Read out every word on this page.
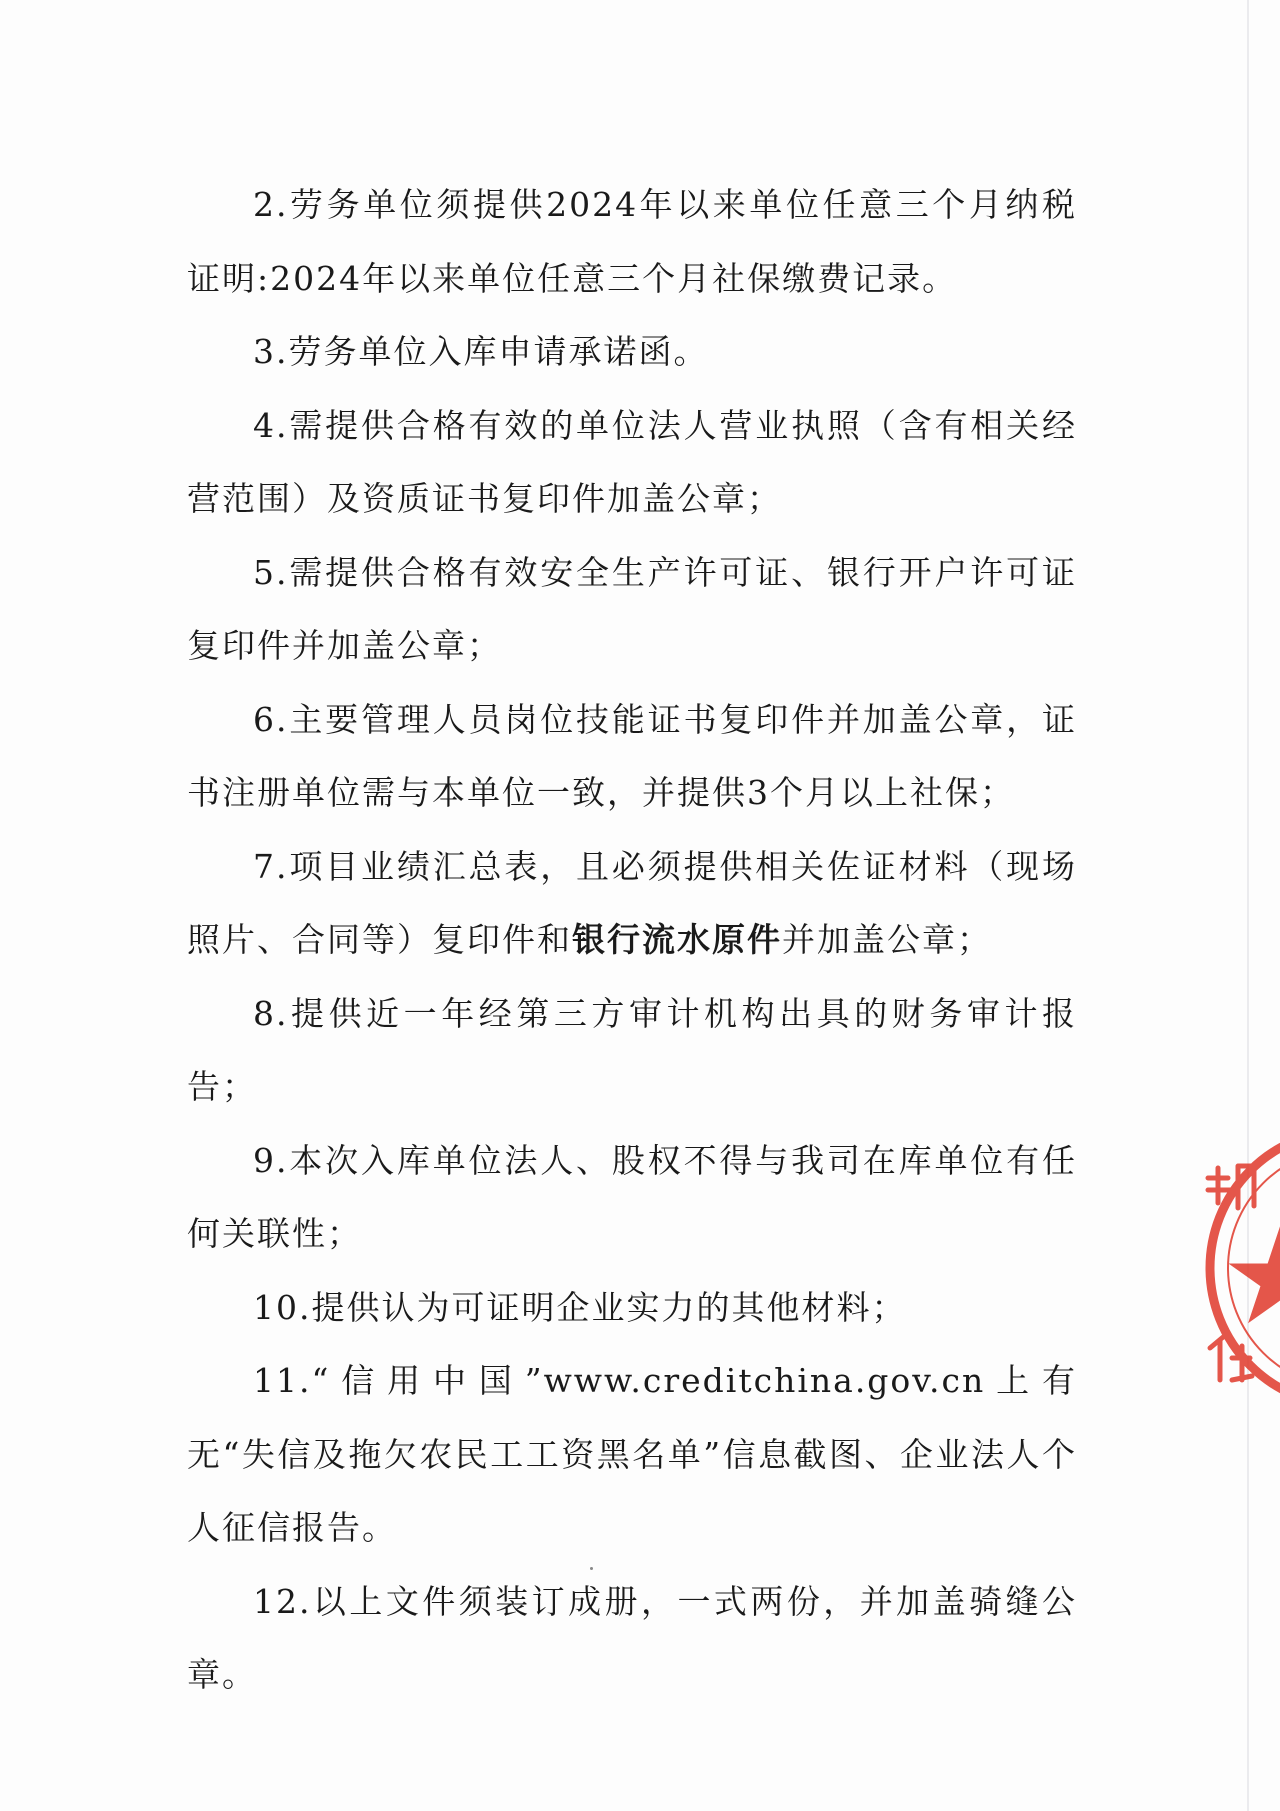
2.劳务单位须提供2024年以来单位任意三个月纳税证明:2024年以来单位任意三个月社保缴费记录。

3.劳务单位入库申请承诺函。

4.需提供合格有效的单位法人营业执照（含有相关经营范围）及资质证书复印件加盖公章；

5.需提供合格有效安全生产许可证、银行开户许可证复印件并加盖公章；

6.主要管理人员岗位技能证书复印件并加盖公章，证书注册单位需与本单位一致，并提供3个月以上社保；

7.项目业绩汇总表，且必须提供相关佐证材料（现场照片、合同等）复印件和银行流水原件并加盖公章；

8.提供近一年经第三方审计机构出具的财务审计报告；

9.本次入库单位法人、股权不得与我司在库单位有任何关联性；

10.提供认为可证明企业实力的其他材料；

11.“信用中国”www.creditchina.gov.cn上有无“失信及拖欠农民工工资黑名单”信息截图、企业法人个人征信报告。

12.以上文件须装订成册，一式两份，并加盖骑缝公章。
